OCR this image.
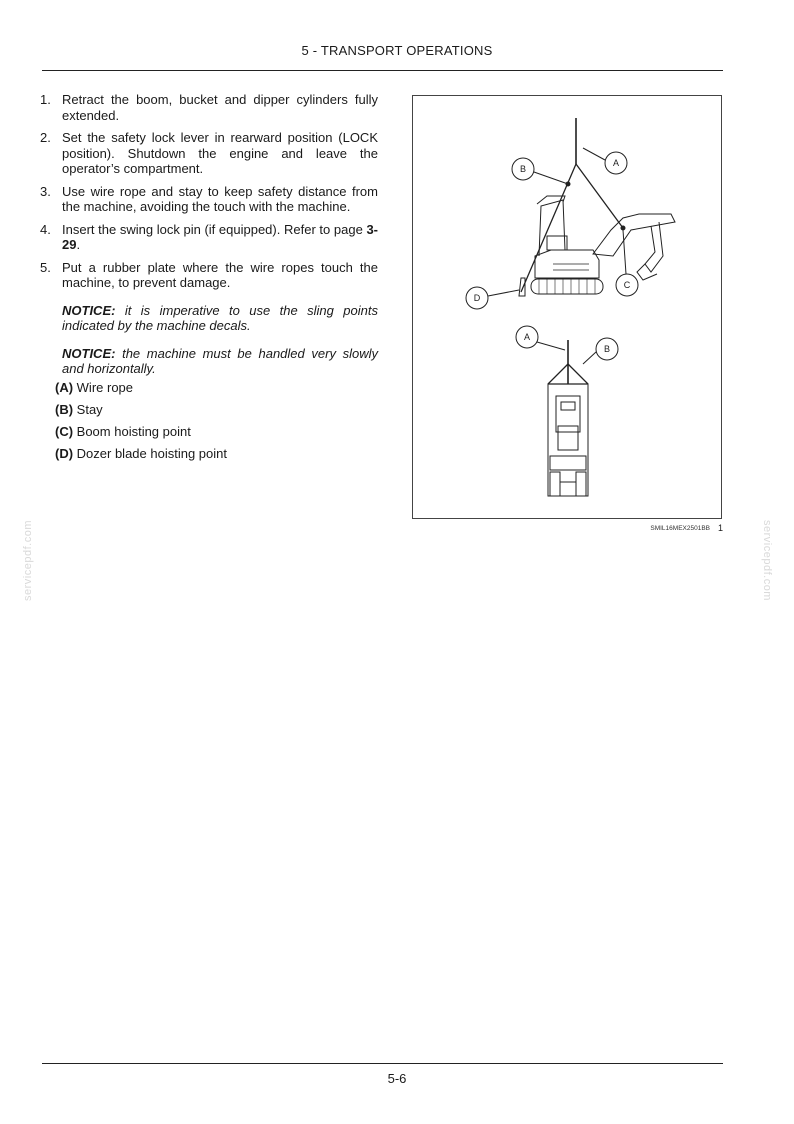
5 - TRANSPORT OPERATIONS
1. Retract the boom, bucket and dipper cylinders fully extended.
2. Set the safety lock lever in rearward position (LOCK position). Shutdown the engine and leave the operator’s compartment.
3. Use wire rope and stay to keep safety distance from the machine, avoiding the touch with the machine.
4. Insert the swing lock pin (if equipped). Refer to page 3-29.
5. Put a rubber plate where the wire ropes touch the machine, to prevent damage.

NOTICE: it is imperative to use the sling points indicated by the machine decals.

NOTICE: the machine must be handled very slowly and horizontally.

(A) Wire rope
(B) Stay
(C) Boom hoisting point
(D) Dozer blade hoisting point
A
B
C
D
A
B
SMIL16MEX2501BB 1
servicepdf.com	servicepdf.com
5-6
